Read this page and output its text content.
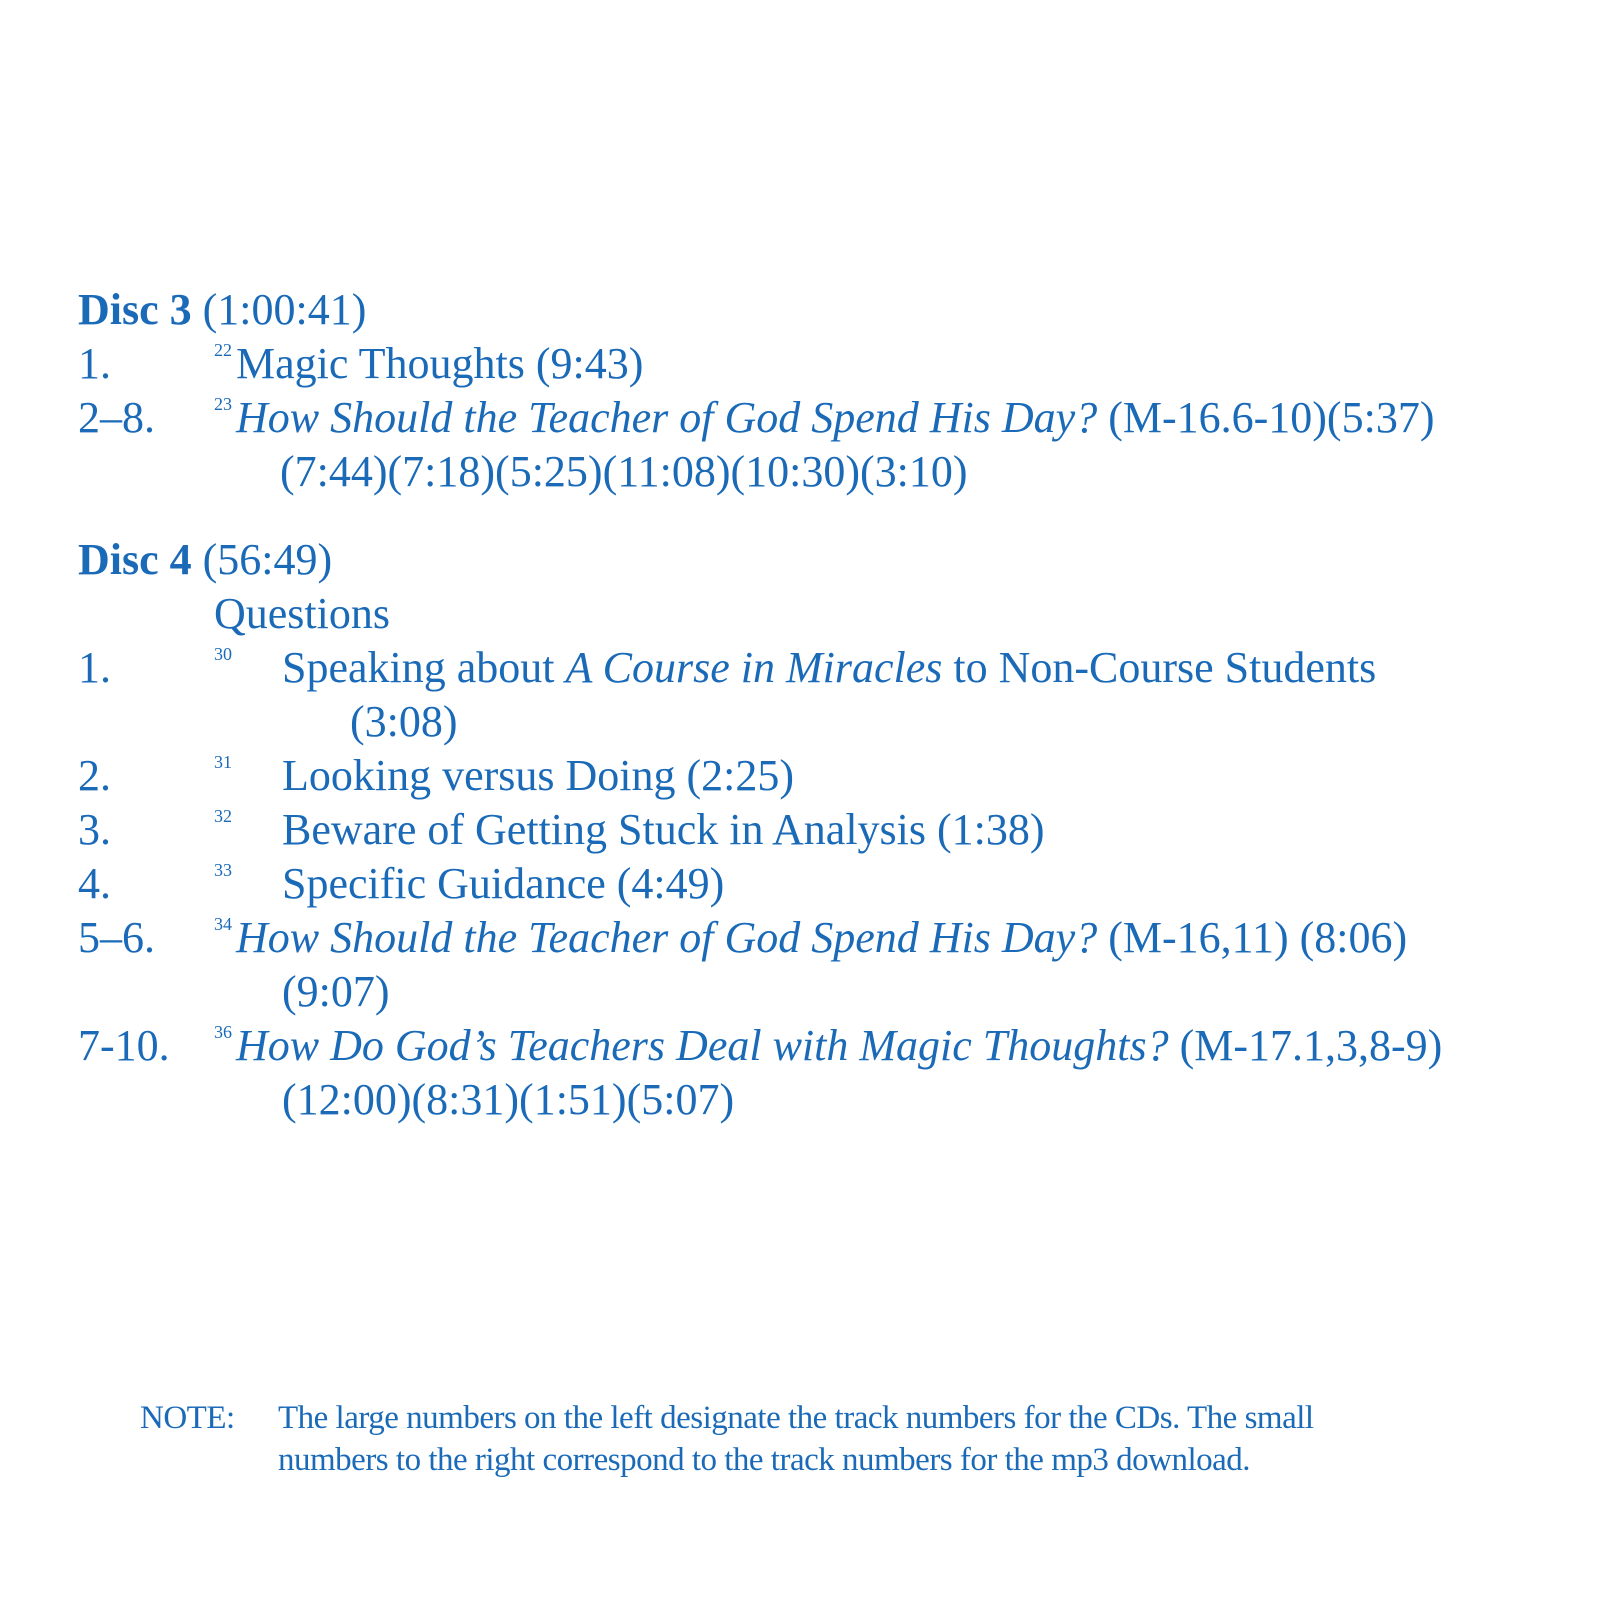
Disc 3 (1:00:41)
1.	22 Magic Thoughts (9:43)
2–8.	23 How Should the Teacher of God Spend His Day? (M-16.6-10)(5:37)
(7:44)(7:18)(5:25)(11:08)(10:30)(3:10)
Disc 4 (56:49)
Questions
1.	30 Speaking about A Course in Miracles to Non-Course Students
(3:08)
2.	31 Looking versus Doing (2:25)
3.	32 Beware of Getting Stuck in Analysis (1:38)
4.	33 Specific Guidance (4:49)
5–6.	34 How Should the Teacher of God Spend His Day? (M-16,11) (8:06)
(9:07)
7-10. 36 How Do God’s Teachers Deal with Magic Thoughts? (M-17.1,3,8-9)
(12:00)(8:31)(1:51)(5:07)
NOTE: The large numbers on the left designate the track numbers for the CDs. The small
numbers to the right correspond to the track numbers for the mp3 download.
